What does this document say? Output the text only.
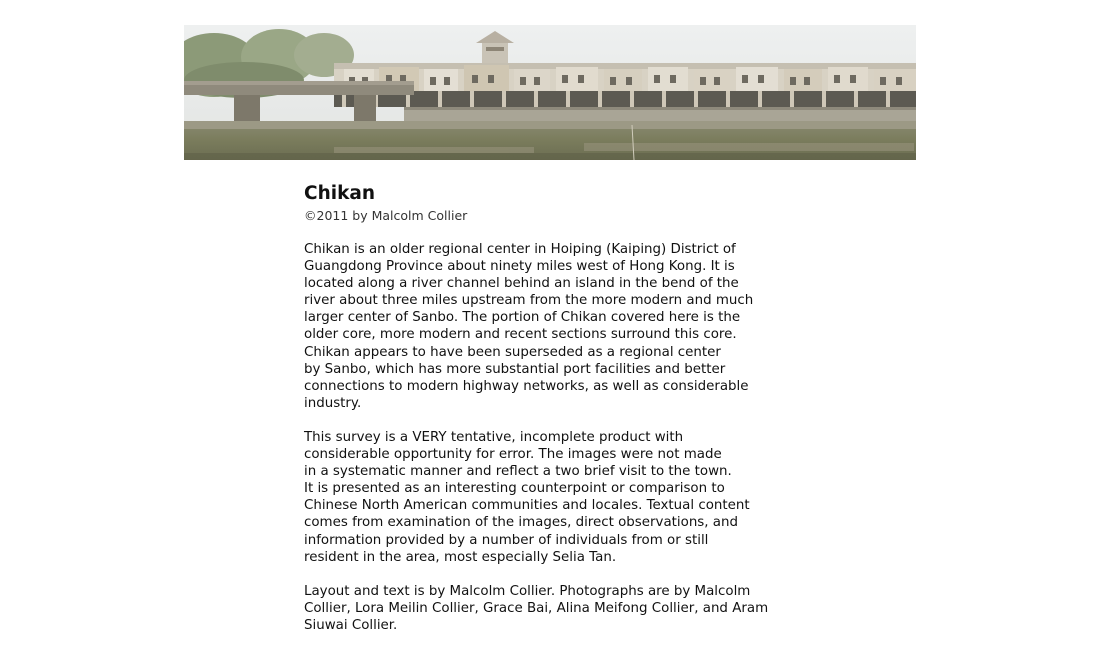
Chikan
©2011 by Malcolm Collier

Chikan is an older regional center in Hoiping (Kaiping) District of
Guangdong Province about ninety miles west of Hong Kong. It is
located along a river channel behind an island in the bend of the
river about three miles upstream from the more modern and much
larger center of Sanbo. The portion of Chikan covered here is the
older core, more modern and recent sections surround this core.
Chikan appears to have been superseded as a regional center
by Sanbo, which has more substantial port facilities and better
connections to modern highway networks, as well as considerable
industry.

This survey is a VERY tentative, incomplete product with
considerable opportunity for error. The images were not made
in a systematic manner and reflect a two brief visit to the town.
It is presented as an interesting counterpoint or comparison to
Chinese North American communities and locales. Textual content
comes from examination of the images, direct observations, and
information provided by a number of individuals from or still
resident in the area, most especially Selia Tan.

Layout and text is by Malcolm Collier. Photographs are by Malcolm
Collier, Lora Meilin Collier, Grace Bai, Alina Meifong Collier, and Aram
Siuwai Collier.
